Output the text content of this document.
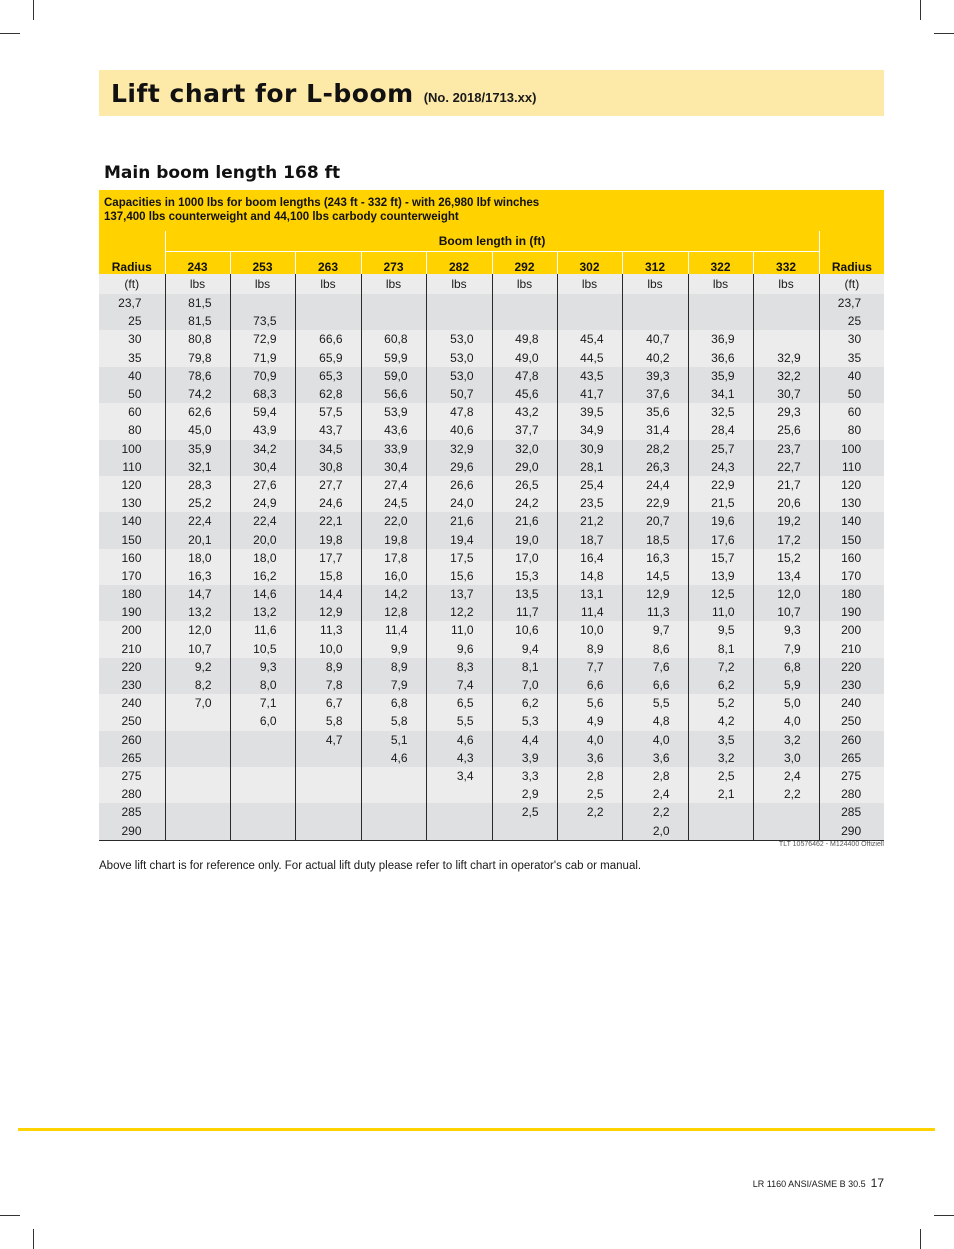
Lift chart for L-boom (No. 2018/1713.xx)
Main boom length 168 ft
Capacities in 1000 lbs for boom lengths (243 ft - 332 ft) - with 26,980 lbf winches
137,400 lbs counterweight and 44,100 lbs carbody counterweight
	Boom length in (ft)										
Radius	243	253	263	273	282	292	302	312	322	332	Radius
(ft)	lbs	lbs	lbs	lbs	lbs	lbs	lbs	lbs	lbs	lbs	(ft)
23,7	81,5										23,7
25	81,5	73,5									25
30	80,8	72,9	66,6	60,8	53,0	49,8	45,4	40,7	36,9		30
35	79,8	71,9	65,9	59,9	53,0	49,0	44,5	40,2	36,6	32,9	35
40	78,6	70,9	65,3	59,0	53,0	47,8	43,5	39,3	35,9	32,2	40
50	74,2	68,3	62,8	56,6	50,7	45,6	41,7	37,6	34,1	30,7	50
60	62,6	59,4	57,5	53,9	47,8	43,2	39,5	35,6	32,5	29,3	60
80	45,0	43,9	43,7	43,6	40,6	37,7	34,9	31,4	28,4	25,6	80
100	35,9	34,2	34,5	33,9	32,9	32,0	30,9	28,2	25,7	23,7	100
110	32,1	30,4	30,8	30,4	29,6	29,0	28,1	26,3	24,3	22,7	110
120	28,3	27,6	27,7	27,4	26,6	26,5	25,4	24,4	22,9	21,7	120
130	25,2	24,9	24,6	24,5	24,0	24,2	23,5	22,9	21,5	20,6	130
140	22,4	22,4	22,1	22,0	21,6	21,6	21,2	20,7	19,6	19,2	140
150	20,1	20,0	19,8	19,8	19,4	19,0	18,7	18,5	17,6	17,2	150
160	18,0	18,0	17,7	17,8	17,5	17,0	16,4	16,3	15,7	15,2	160
170	16,3	16,2	15,8	16,0	15,6	15,3	14,8	14,5	13,9	13,4	170
180	14,7	14,6	14,4	14,2	13,7	13,5	13,1	12,9	12,5	12,0	180
190	13,2	13,2	12,9	12,8	12,2	11,7	11,4	11,3	11,0	10,7	190
200	12,0	11,6	11,3	11,4	11,0	10,6	10,0	9,7	9,5	9,3	200
210	10,7	10,5	10,0	9,9	9,6	9,4	8,9	8,6	8,1	7,9	210
220	9,2	9,3	8,9	8,9	8,3	8,1	7,7	7,6	7,2	6,8	220
230	8,2	8,0	7,8	7,9	7,4	7,0	6,6	6,6	6,2	5,9	230
240	7,0	7,1	6,7	6,8	6,5	6,2	5,6	5,5	5,2	5,0	240
250		6,0	5,8	5,8	5,5	5,3	4,9	4,8	4,2	4,0	250
260			4,7	5,1	4,6	4,4	4,0	4,0	3,5	3,2	260
265				4,6	4,3	3,9	3,6	3,6	3,2	3,0	265
275					3,4	3,3	2,8	2,8	2,5	2,4	275
280						2,9	2,5	2,4	2,1	2,2	280
285						2,5	2,2	2,2			285
290								2,0			290
TLT 10576462 - M124400 Offiziell
Above lift chart is for reference only. For actual lift duty please refer to lift chart in operator's cab or manual.
LR 1160 ANSI/ASME B 30.5 17
